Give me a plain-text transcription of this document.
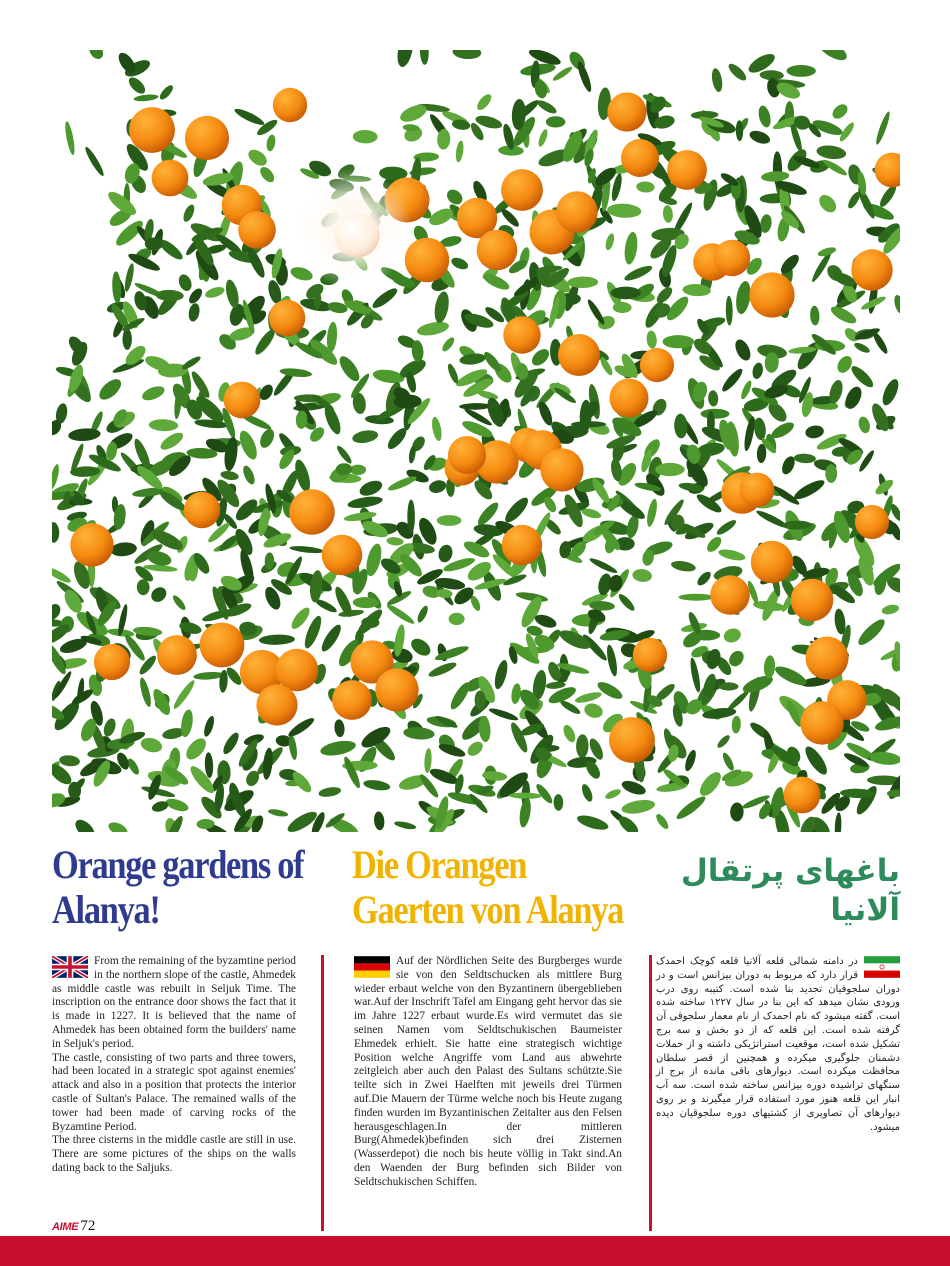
Orange gardens of Alanya!
Die Orangen Gaerten von Alanya
باغهای پرتقال آلانیا

From the remaining of the byzamtine period in the northern slope of the castle, Ahmedek as middle castle was rebuilt in Seljuk Time. The inscription on the entrance door shows the fact that it is made in 1227. It is believed that the name of Ahmedek has been obtained form the builders' name in Seljuk's period.

The castle, consisting of two parts and three towers, had been located in a strategic spot against enemies' attack and also in a position that protects the interior castle of Sultan's Palace. The remained walls of the tower had been made of carving rocks of the Byzamtine Period.

The three cisterns in the middle castle are still in use. There are some pictures of the ships on the walls dating back to the Saljuks.

Auf der Nördlichen Seite des Burgberges wurde sie von den Seldtschucken als mittlere Burg wieder erbaut welche von den Byzantinern übergeblieben war.Auf der Inschrift Tafel am Eingang geht hervor das sie im Jahre 1227 erbaut wurde.Es wird vermutet das sie seinen Namen vom Seldtschukischen Baumeister Ehmedek erhielt. Sie hatte eine strategisch wichtige Position welche Angriffe vom Land aus abwehrte zeitgleich aber auch den Palast des Sultans schützte.Sie teilte sich in Zwei Haelften mit jeweils drei Türmen auf.Die Mauern der Türme welche noch bis Heute zugang finden wurden im Byzantinischen Zeitalter aus den Felsen herausgeschlagen.In der mittleren Burg(Ahmedek)befinden sich drei Zisternen (Wasserdepot) die noch bis heute völlig in Takt sind.An den Waenden der Burg befinden sich Bilder von Seldtschukischen Schiffen.

در دامنه شمالی قلعه آلانیا قلعه کوچک احمدک قرار دارد که مربوط به دوران بیزانس است و در دوران سلجوقیان تجدید بنا شده است. کتیبه روی درب ورودی نشان میدهد که این بنا در سال ۱۲۲۷ ساخته شده است. گفته میشود که نام احمدک از نام معمار سلجوقی آن گرفته شده است. این قلعه که از دو بخش و سه برج تشکیل شده است، موقعیت استراتژیکی داشته و از حملات دشمنان جلوگیری میکرده و همچنین از قصر سلطان محافظت میکرده است. دیوارهای باقی مانده از برج از سنگهای تراشیده دوره بیزانس ساخته شده است. سه آب انبار این قلعه هنوز مورد استفاده قرار میگیرند و بر روی دیوارهای آن تصاویری از کشتیهای دوره سلجوقیان دیده میشود.

AIME 72
